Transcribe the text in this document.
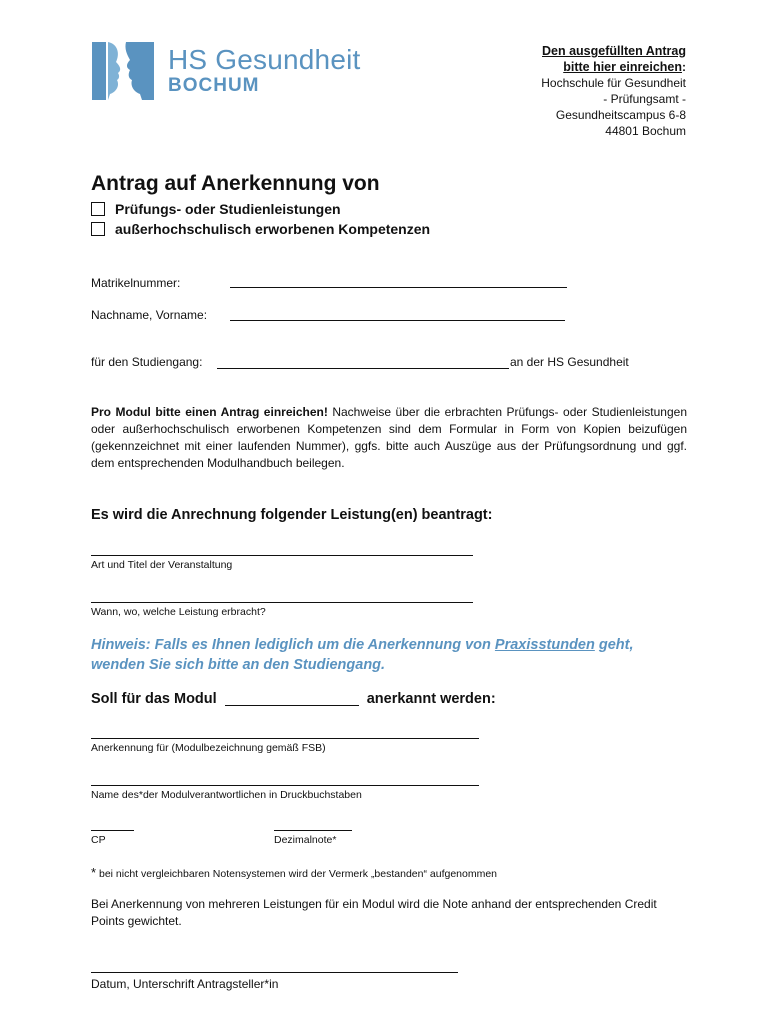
HS Gesundheit
BOCHUM
Den ausgefüllten Antrag
bitte hier einreichen:
Hochschule für Gesundheit
- Prüfungsamt -
Gesundheitscampus 6-8
44801 Bochum
Antrag auf Anerkennung von
Prüfungs- oder Studienleistungen
außerhochschulisch erworbenen Kompetenzen
Matrikelnummer:
Nachname, Vorname:
für den Studiengang:	an der HS Gesundheit
Pro Modul bitte einen Antrag einreichen! Nachweise über die erbrachten Prüfungs- oder Studienleistungen oder außerhochschulisch erworbenen Kompetenzen sind dem Formular in Form von Kopien beizufügen (gekennzeichnet mit einer laufenden Nummer), ggfs. bitte auch Auszüge aus der Prüfungsordnung und ggf. dem entsprechenden Modulhandbuch beilegen.
Es wird die Anrechnung folgender Leistung(en) beantragt:
Art und Titel der Veranstaltung
Wann, wo, welche Leistung erbracht?
Hinweis: Falls es Ihnen lediglich um die Anerkennung von Praxisstunden geht, wenden Sie sich bitte an den Studiengang.
Soll für das Modul	anerkannt werden:
Anerkennung für (Modulbezeichnung gemäß FSB)
Name des*der Modulverantwortlichen in Druckbuchstaben
CP	Dezimalnote*
* bei nicht vergleichbaren Notensystemen wird der Vermerk „bestanden“ aufgenommen
Bei Anerkennung von mehreren Leistungen für ein Modul wird die Note anhand der entsprechenden Credit Points gewichtet.
Datum, Unterschrift Antragsteller*in
